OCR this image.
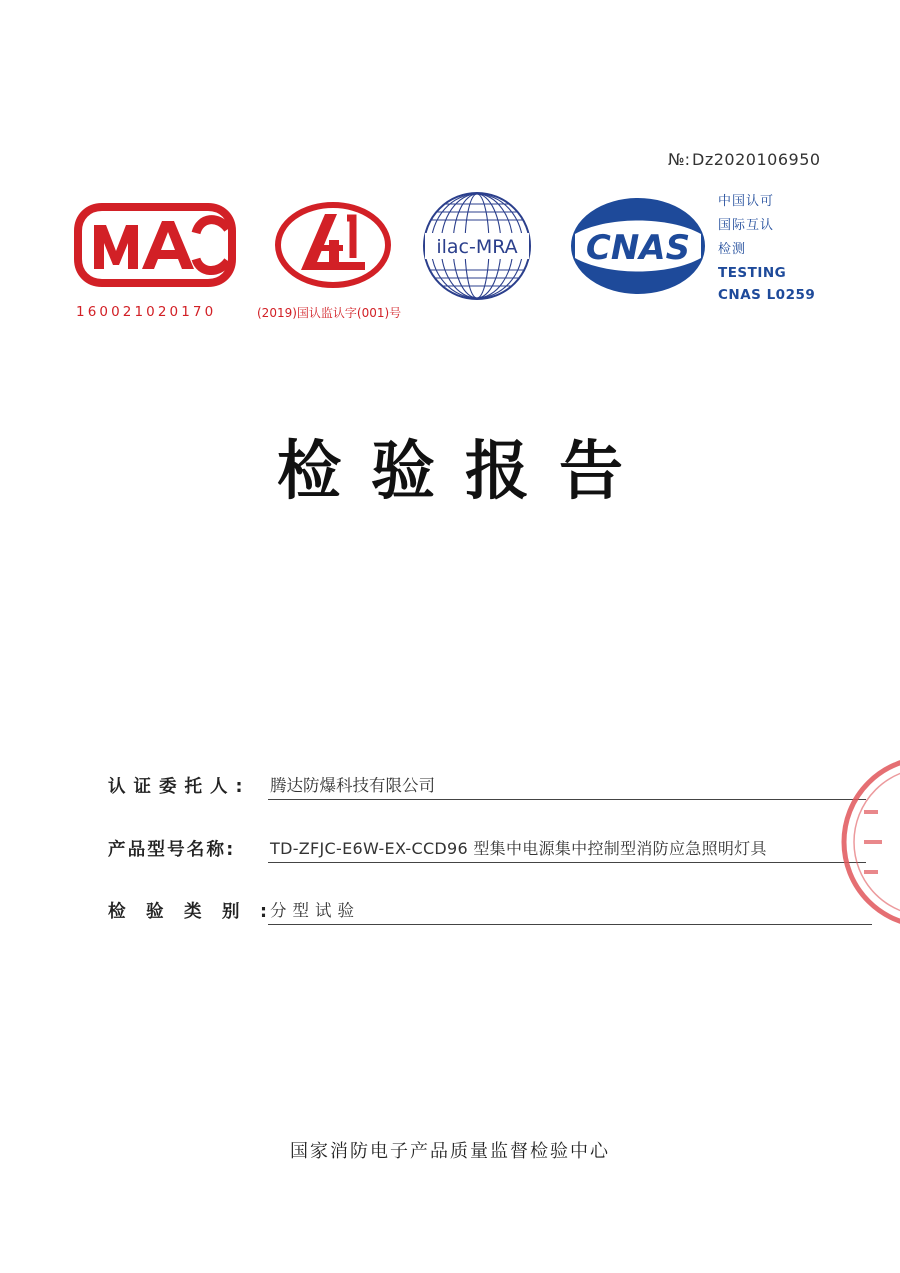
№: Dz2020106950
160021020170	(2019)国认监认字(001)号
ilac-MRA CNAS
中国认可
国际互认
检测
TESTING
CNAS L0259
检验报告
认证委托人: 腾达防爆科技有限公司
产品型号名称: TD-ZFJC-E6W-EX-CCD96 型集中电源集中控制型消防应急照明灯具
检验类别:
分型试验
国家消防电子产品质量监督检验中心
